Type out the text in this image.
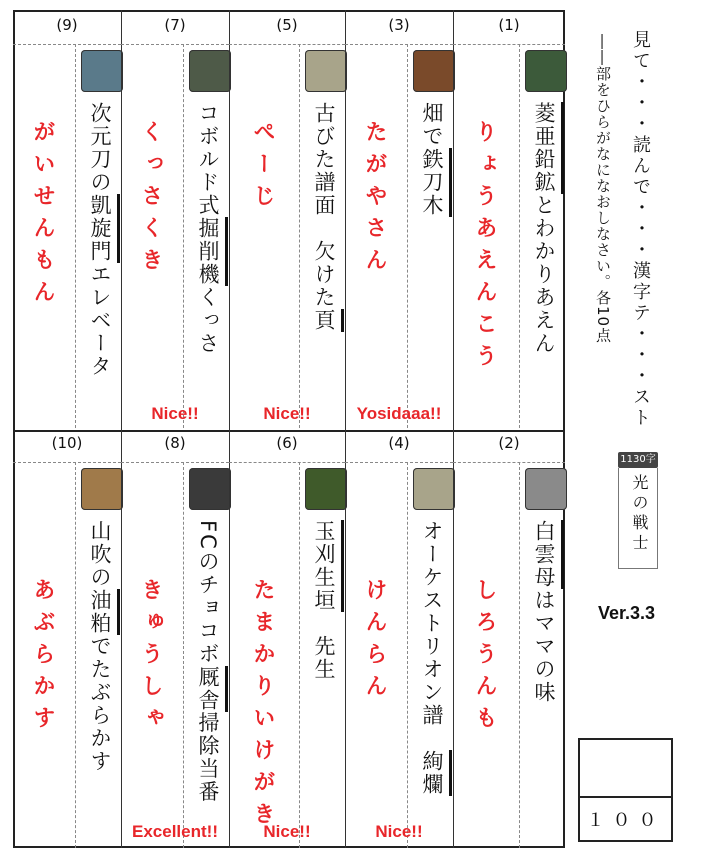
(9)
次元刀の凱旋門エレベータ
がいせんもん
(7)
コボルド式掘削機くっさ
くっさくき
Nice!!
(5)
古びた譜面　欠けた頁
ぺーじ
Nice!!
(3)
畑で鉄刀木
たがやさん
Yosidaaa!!
(1)
菱亜鉛鉱とわかりあえん
りょうあえんこう
(10)
山吹の油粕でたぶらかす
あぶらかす
(8)
FCのチョコボ厩舎掃除当番
きゅうしゃ
Excellent!!
(6)
玉刈生垣　先生
たまかりいけがき
Nice!!
(4)
オーケストリオン譜　絢爛
けんらん
Nice!!
(2)
白雲母はママの味
しろうんも
見て・・・読んで・・・漢字テ・・・スト
――部をひらがなになおしなさい。各10点
1130字
光の戦士
Ver.3.3
１００
